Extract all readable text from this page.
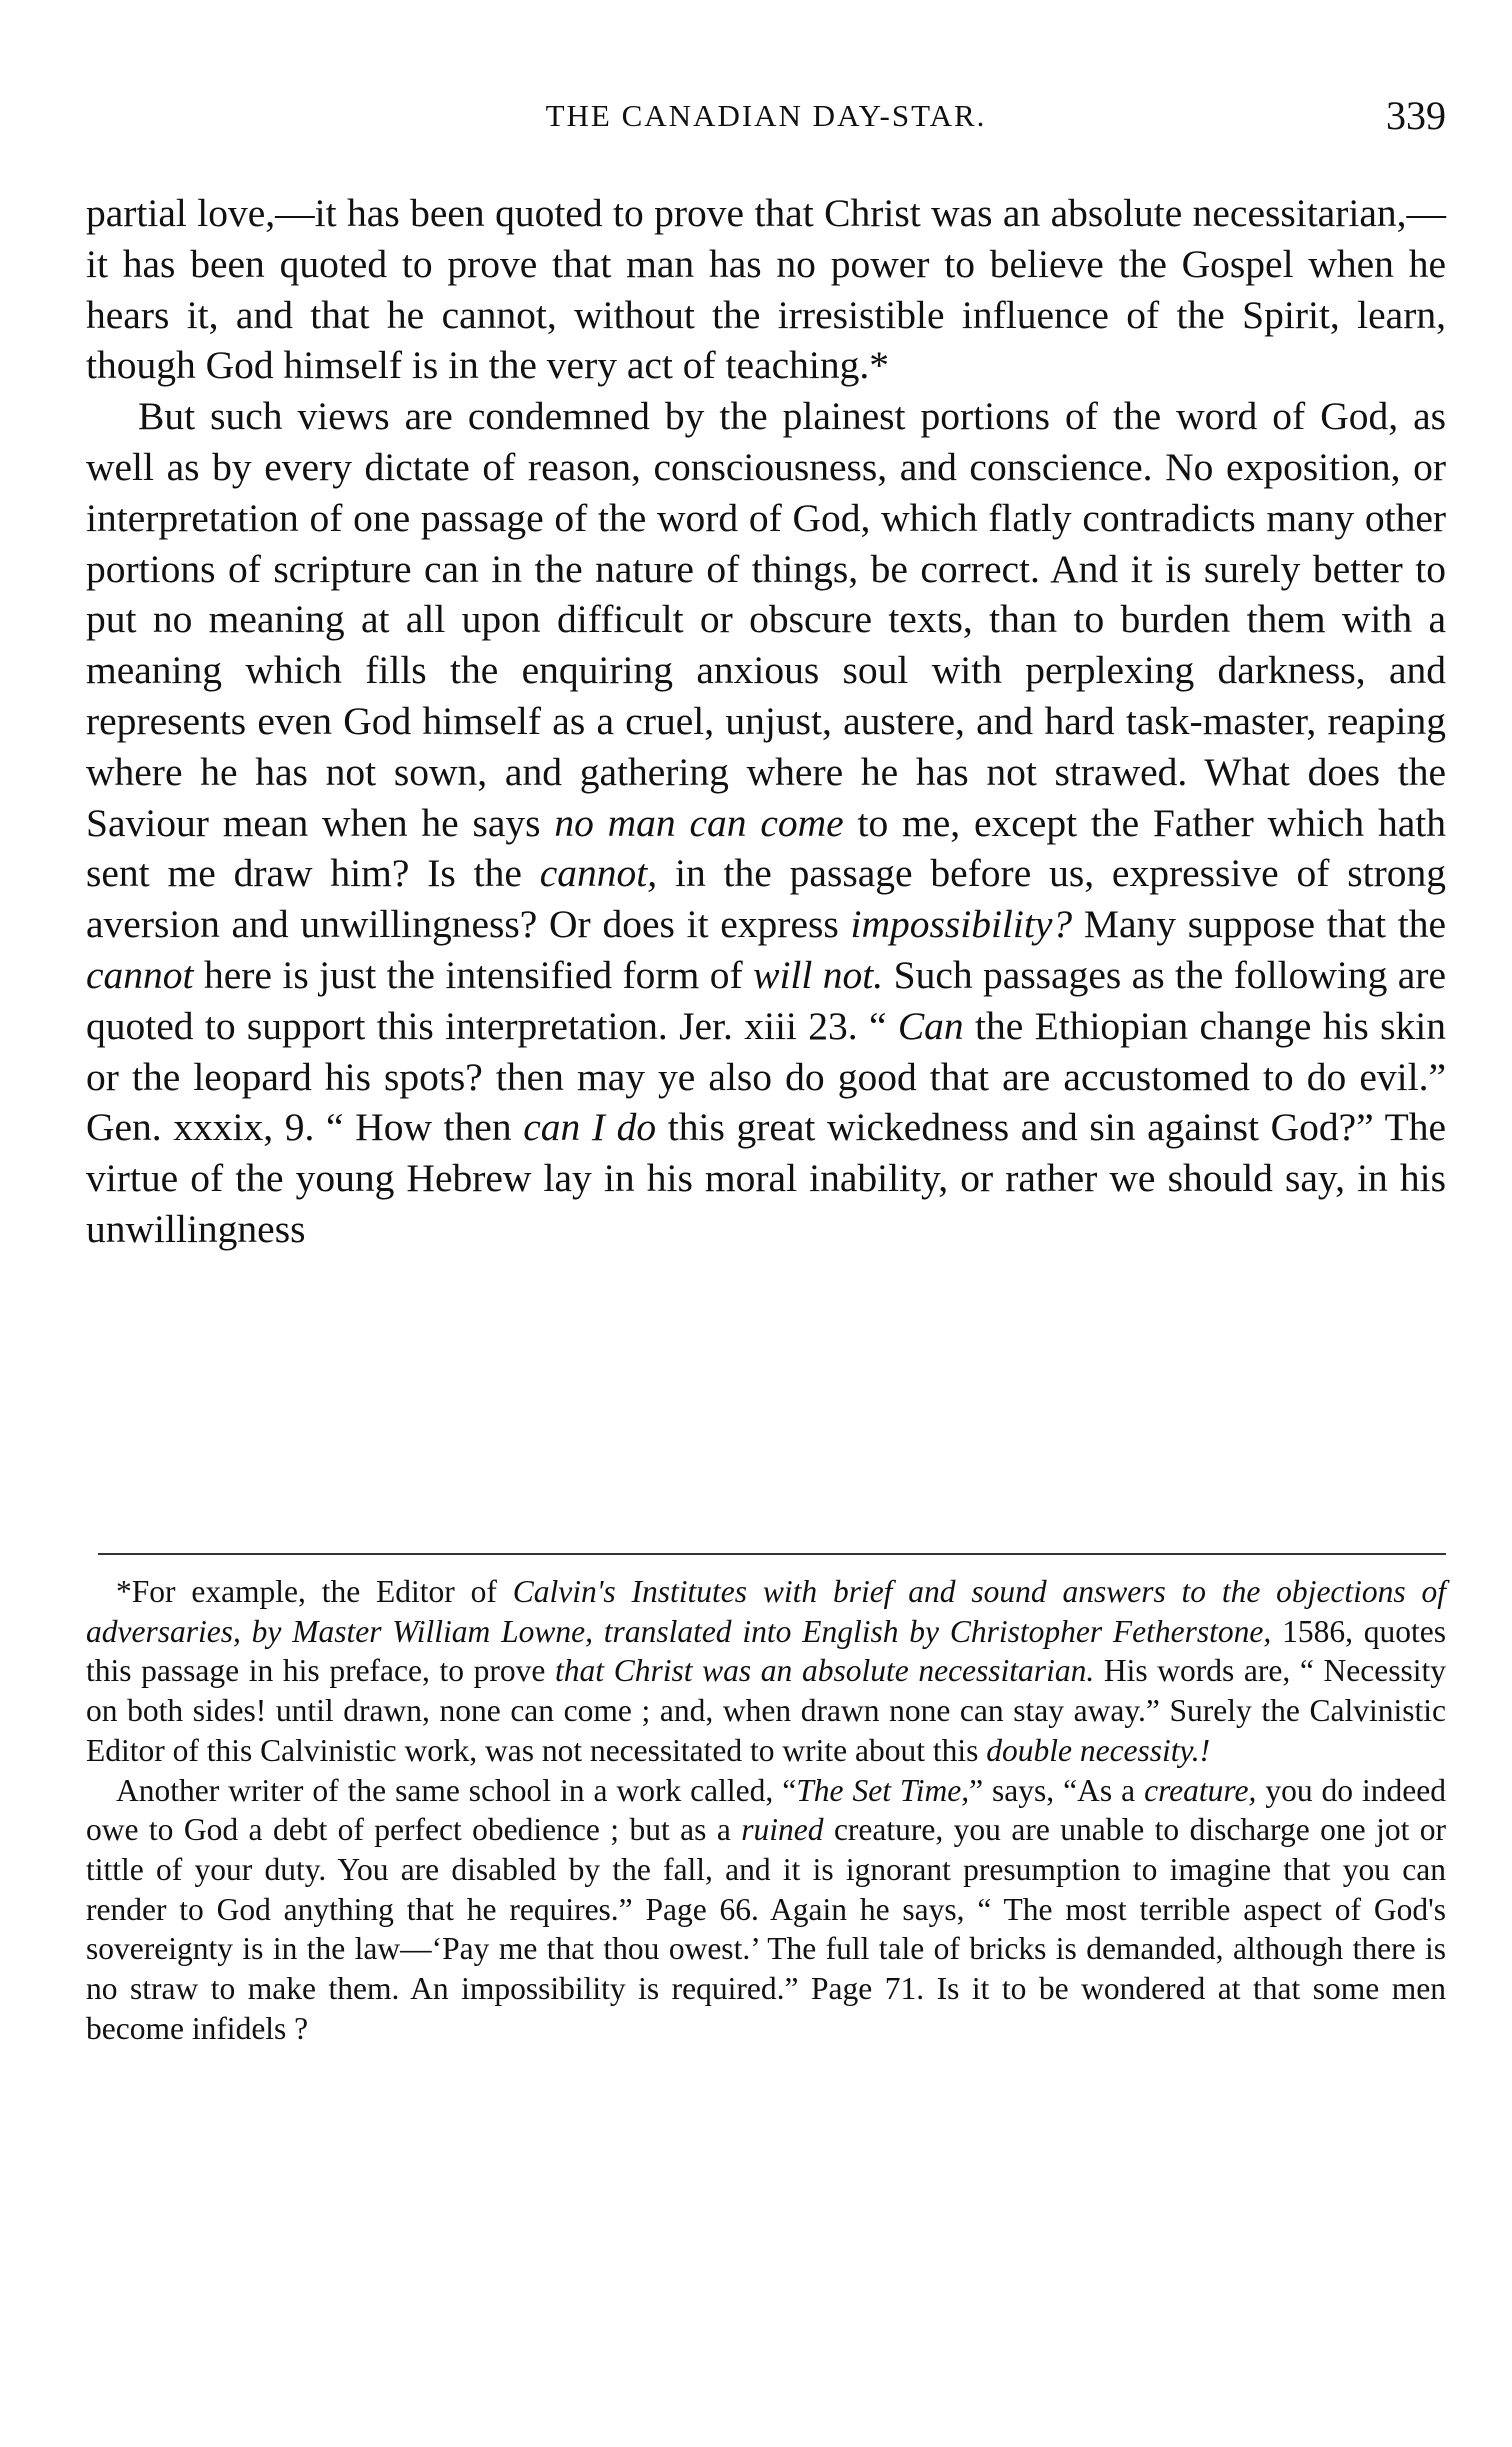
THE CANADIAN DAY-STAR.	339

partial love,—it has been quoted to prove that Christ was an absolute necessitarian,—it has been quoted to prove that man has no power to believe the Gospel when he hears it, and that he cannot, without the irresistible influence of the Spirit, learn, though God himself is in the very act of teaching.*

But such views are condemned by the plainest portions of the word of God, as well as by every dictate of reason, consciousness, and conscience. No exposition, or interpretation of one passage of the word of God, which flatly contradicts many other portions of scripture can in the nature of things, be correct. And it is surely better to put no meaning at all upon difficult or obscure texts, than to burden them with a meaning which fills the enquiring anxious soul with perplexing darkness, and represents even God himself as a cruel, unjust, austere, and hard task-master, reaping where he has not sown, and gathering where he has not strawed. What does the Saviour mean when he says no man can come to me, except the Father which hath sent me draw him? Is the cannot, in the passage before us, expressive of strong aversion and unwillingness? Or does it express impossibility? Many suppose that the cannot here is just the intensified form of will not. Such passages as the following are quoted to support this interpretation. Jer. xiii 23. “ Can the Ethiopian change his skin or the leopard his spots? then may ye also do good that are accustomed to do evil.” Gen. xxxix, 9. “ How then can I do this great wickedness and sin against God?” The virtue of the young Hebrew lay in his moral inability, or rather we should say, in his unwillingness

*For example, the Editor of Calvin's Institutes with brief and sound answers to the objections of adversaries, by Master William Lowne, translated into English by Christopher Fetherstone, 1586, quotes this passage in his preface, to prove that Christ was an absolute necessitarian. His words are, “ Necessity on both sides! until drawn, none can come ; and, when drawn none can stay away.” Surely the Calvinistic Editor of this Calvinistic work, was not necessitated to write about this double necessity.!

Another writer of the same school in a work called, “The Set Time,” says, “As a creature, you do indeed owe to God a debt of perfect obedience ; but as a ruined creature, you are unable to discharge one jot or tittle of your duty. You are disabled by the fall, and it is ignorant presumption to imagine that you can render to God anything that he requires.” Page 66. Again he says, “ The most terrible aspect of God's sovereignty is in the law—‘Pay me that thou owest.’ The full tale of bricks is demanded, although there is no straw to make them. An impossibility is required.” Page 71. Is it to be wondered at that some men become infidels ?
